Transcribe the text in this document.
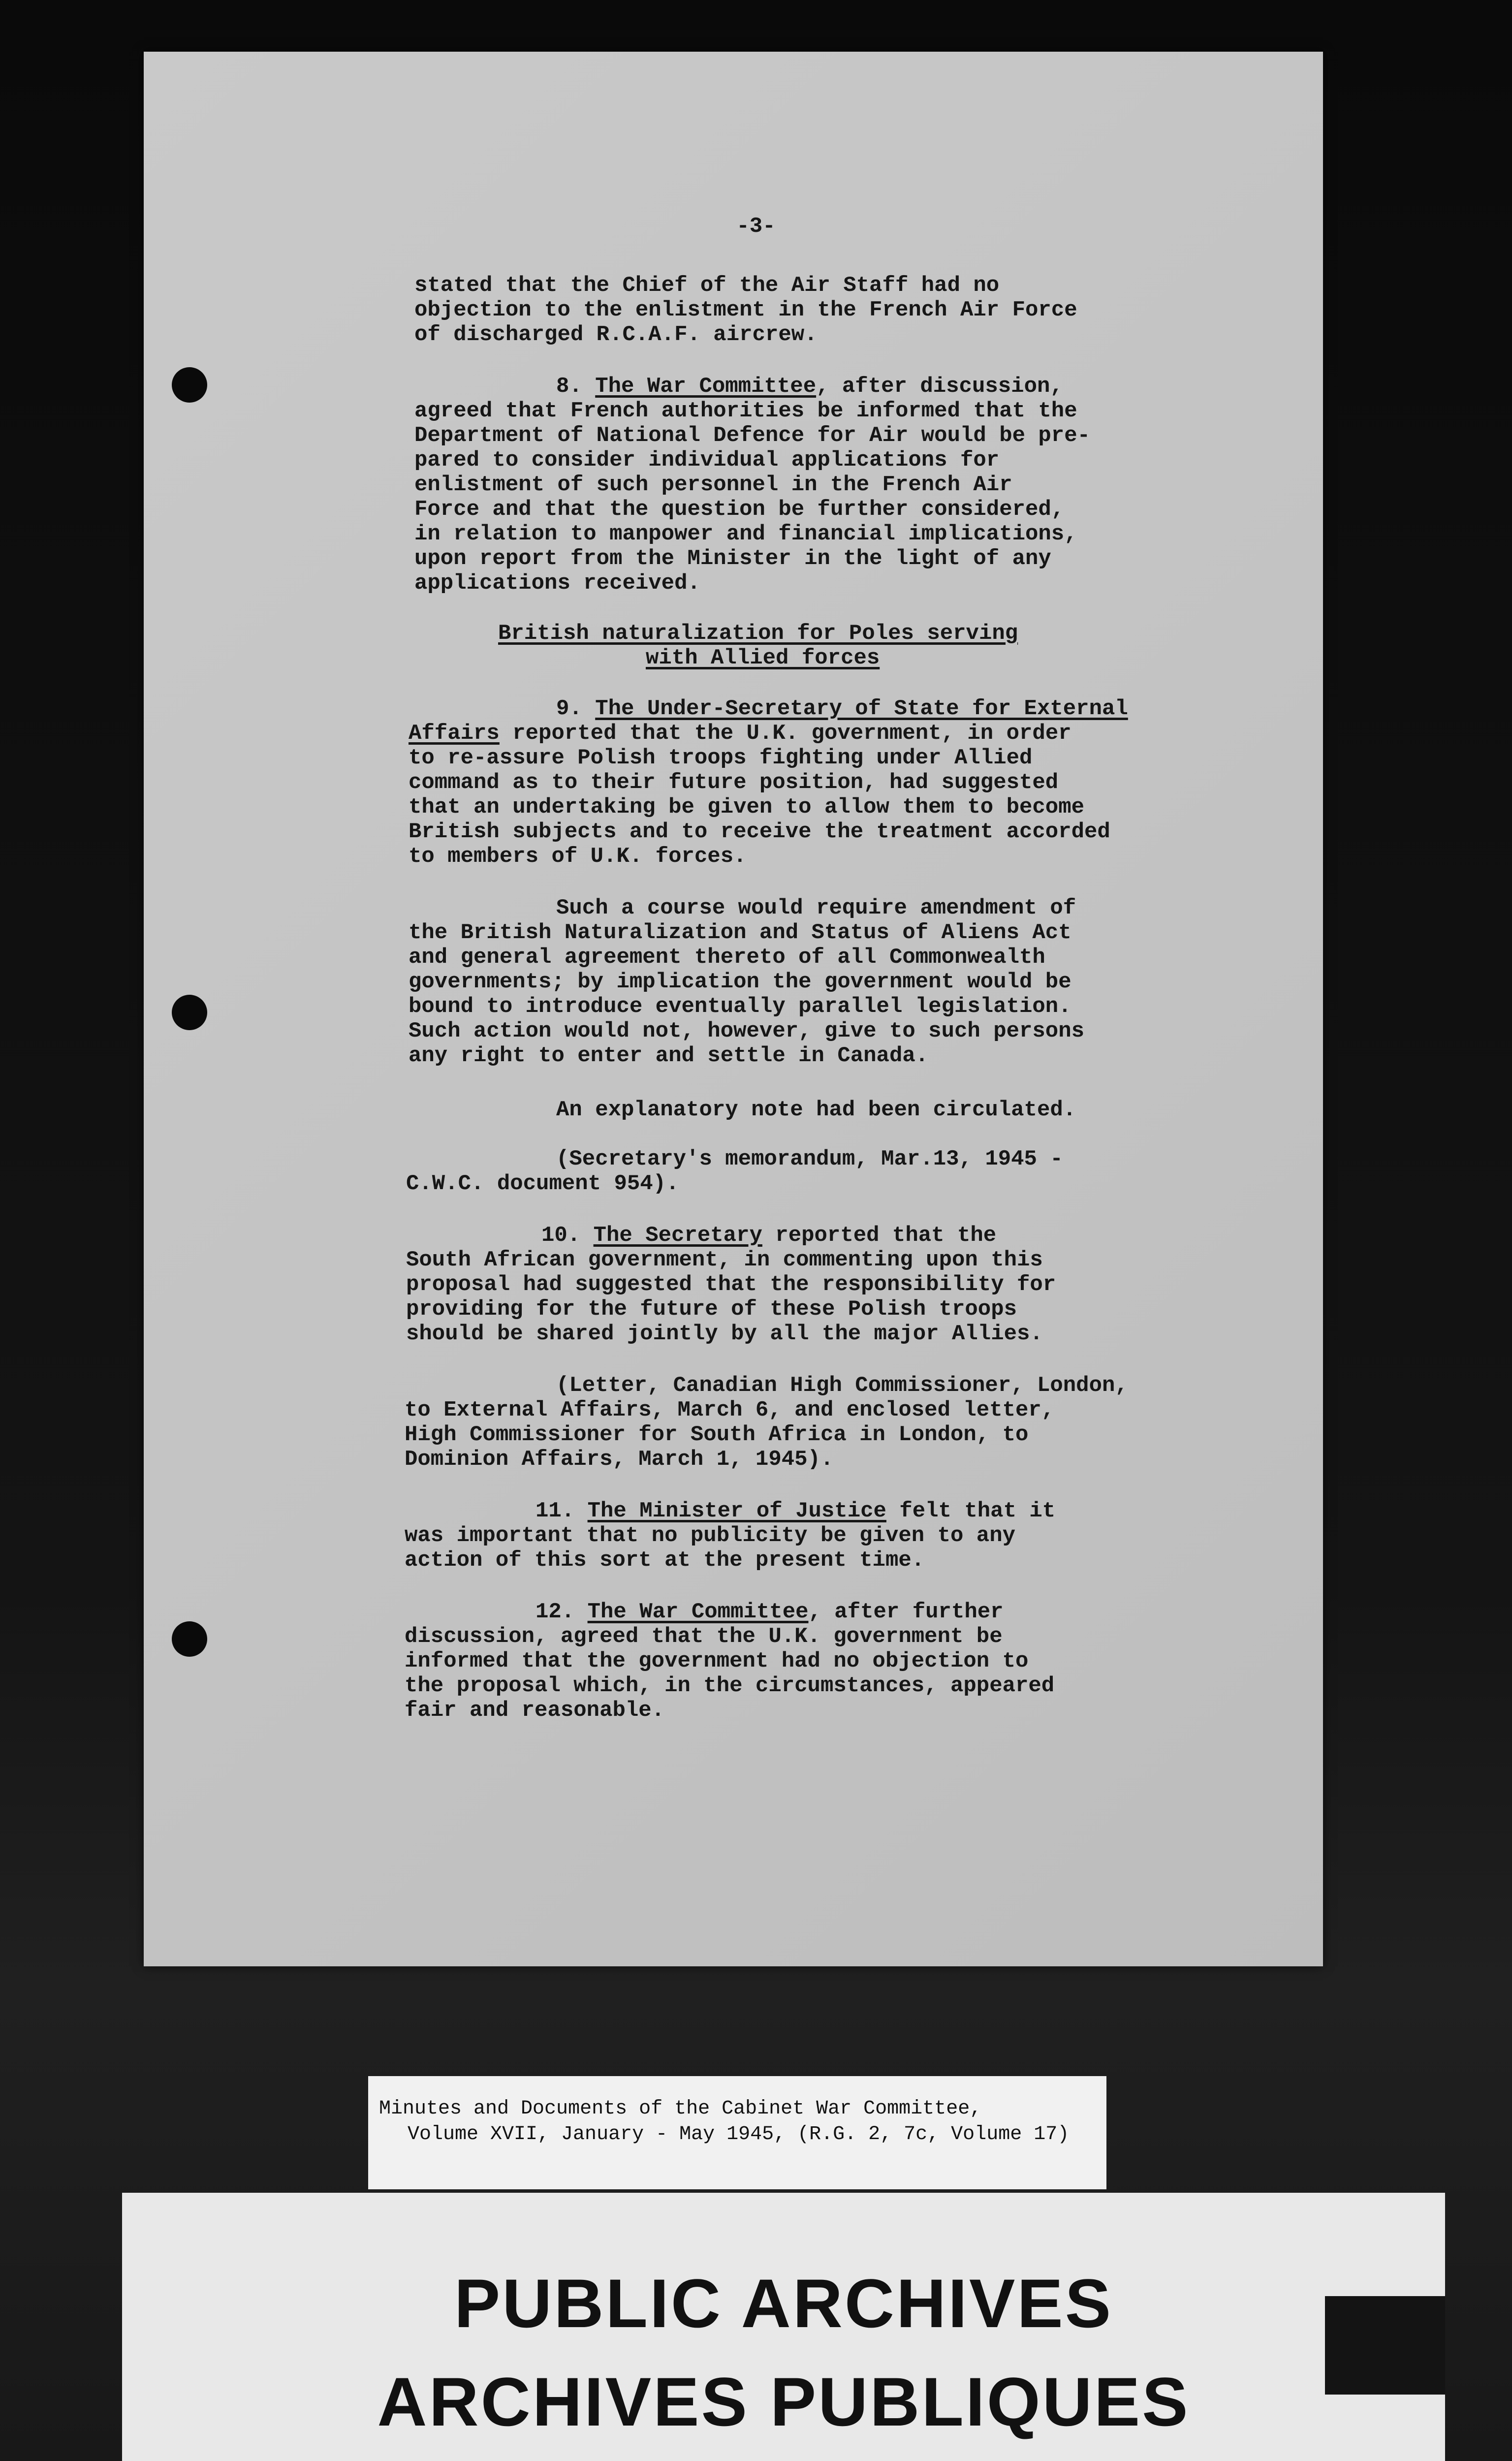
-3-
stated that the Chief of the Air Staff had no
objection to the enlistment in the French Air Force
of discharged R.C.A.F. aircrew.
8. The War Committee, after discussion,
agreed that French authorities be informed that the
Department of National Defence for Air would be pre-
pared to consider individual applications for
enlistment of such personnel in the French Air
Force and that the question be further considered,
in relation to manpower and financial implications,
upon report from the Minister in the light of any
applications received.
British naturalization for Poles serving
with Allied forces
9. The Under-Secretary of State for External
Affairs reported that the U.K. government, in order
to re-assure Polish troops fighting under Allied
command as to their future position, had suggested
that an undertaking be given to allow them to become
British subjects and to receive the treatment accorded
to members of U.K. forces.
Such a course would require amendment of
the British Naturalization and Status of Aliens Act
and general agreement thereto of all Commonwealth
governments; by implication the government would be
bound to introduce eventually parallel legislation.
Such action would not, however, give to such persons
any right to enter and settle in Canada.
An explanatory note had been circulated.
(Secretary's memorandum, Mar.13, 1945 -
C.W.C. document 954).
10. The Secretary reported that the
South African government, in commenting upon this
proposal had suggested that the responsibility for
providing for the future of these Polish troops
should be shared jointly by all the major Allies.
(Letter, Canadian High Commissioner, London,
to External Affairs, March 6, and enclosed letter,
High Commissioner for South Africa in London, to
Dominion Affairs, March 1, 1945).
11. The Minister of Justice felt that it
was important that no publicity be given to any
action of this sort at the present time.
12. The War Committee, after further
discussion, agreed that the U.K. government be
informed that the government had no objection to
the proposal which, in the circumstances, appeared
fair and reasonable.
Minutes and Documents of the Cabinet War Committee,
Volume XVII, January - May 1945, (R.G. 2, 7c, Volume 17)
PUBLIC ARCHIVES
ARCHIVES PUBLIQUES
